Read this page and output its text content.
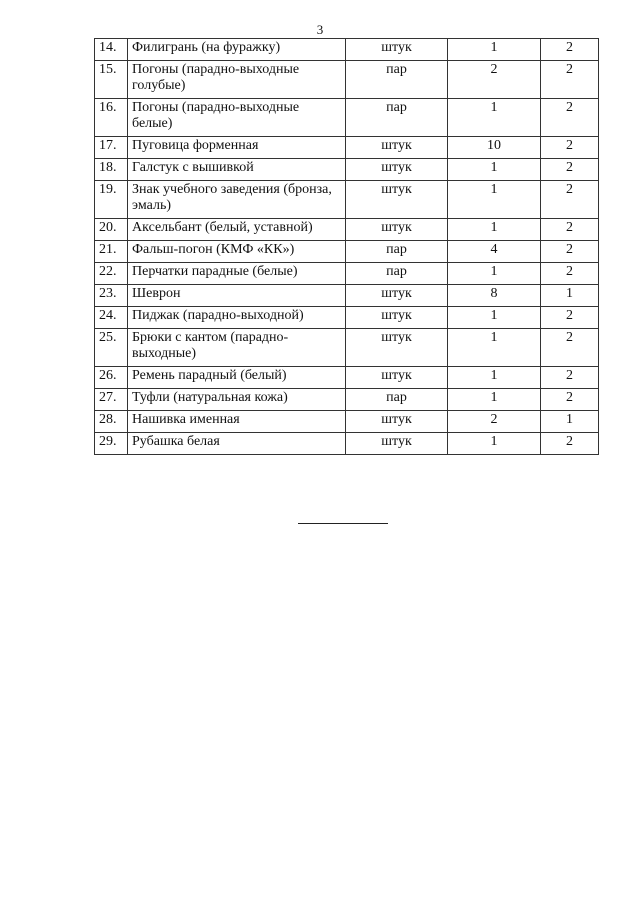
3
14.	Филигрань (на фуражку)	штук	1	2
15.	Погоны (парадно-выходные голубые)	пар	2	2
16.	Погоны (парадно-выходные белые)	пар	1	2
17.	Пуговица форменная	штук	10	2
18.	Галстук с вышивкой	штук	1	2
19.	Знак учебного заведения (бронза, эмаль)	штук	1	2
20.	Аксельбант (белый, уставной)	штук	1	2
21.	Фальш-погон (КМФ «КК»)	пар	4	2
22.	Перчатки парадные (белые)	пар	1	2
23.	Шеврон	штук	8	1
24.	Пиджак (парадно-выходной)	штук	1	2
25.	Брюки с кантом (парадно-выходные)	штук	1	2
26.	Ремень парадный (белый)	штук	1	2
27.	Туфли (натуральная кожа)	пар	1	2
28.	Нашивка именная	штук	2	1
29.	Рубашка белая	штук	1	2
